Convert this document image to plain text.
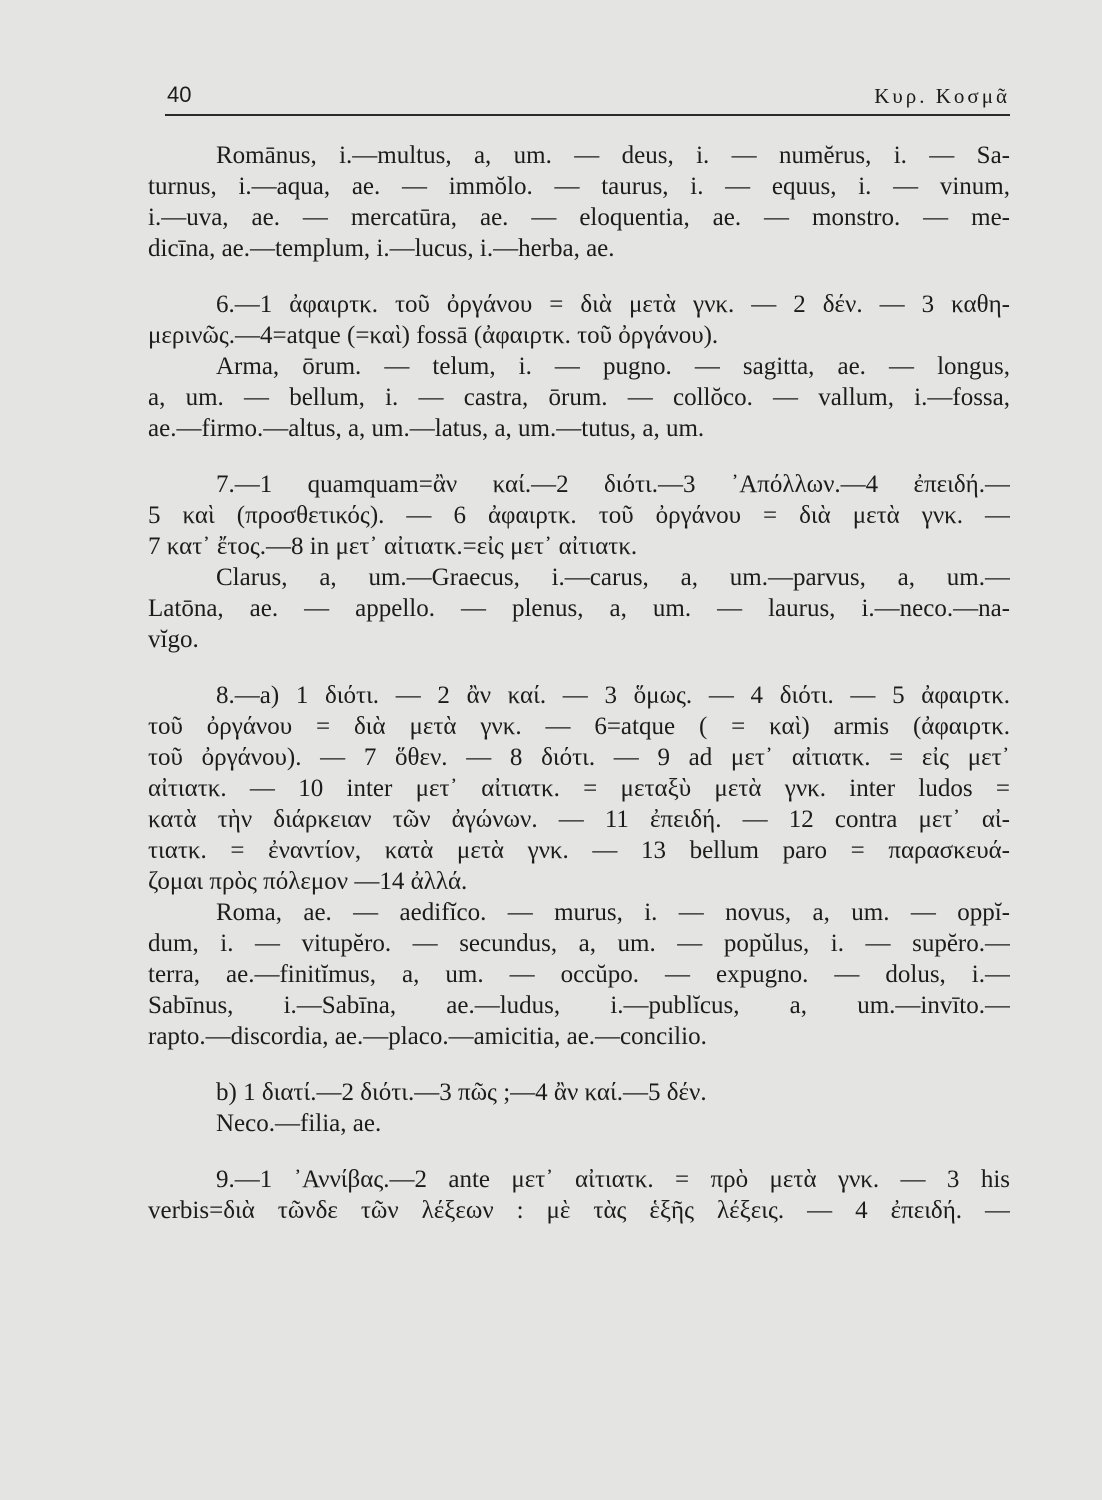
40	Κυρ. Κοσμᾶ
Romānus, i.—multus, a, um. — deus, i. — numĕrus, i. — Sa-
turnus, i.—aqua, ae. — immŏlo. — taurus, i. — equus, i. — vinum,
i.—uva, ae. — mercatūra, ae. — eloquentia, ae. — monstro. — me-
dicīna, ae.—templum, i.—lucus, i.—herba, ae.
6.—1 ἀφαιρτκ. τοῦ ὀργάνου = διὰ μετὰ γνκ. — 2 δέν. — 3 καθη-
μερινῶς.—4=atque (=καὶ) fossā (ἀφαιρτκ. τοῦ ὀργάνου).
Arma, ōrum. — telum, i. — pugno. — sagitta, ae. — longus,
a, um. — bellum, i. — castra, ōrum. — collŏco. — vallum, i.—fossa,
ae.—firmo.—altus, a, um.—latus, a, um.—tutus, a, um.
7.—1 quamquam=ἂν καί.—2 διότι.—3 ᾿Απόλλων.—4 ἐπειδή.—
5 καὶ (προσθετικός). — 6 ἀφαιρτκ. τοῦ ὀργάνου = διὰ μετὰ γνκ. —
7 κατ᾿ ἔτος.—8 in μετ᾿ αἰτιατκ.=εἰς μετ᾿ αἰτιατκ.
Clarus, a, um.—Graecus, i.—carus, a, um.—parvus, a, um.—
Latōna, ae. — appello. — plenus, a, um. — laurus, i.—neco.—na-
vĭgo.
8.—a) 1 διότι. — 2 ἂν καί. — 3 ὅμως. — 4 διότι. — 5 ἀφαιρτκ.
τοῦ ὀργάνου = διὰ μετὰ γνκ. — 6=atque ( = καὶ) armis (ἀφαιρτκ.
τοῦ ὀργάνου). — 7 ὅθεν. — 8 διότι. — 9 ad μετ᾿ αἰτιατκ. = εἰς μετ᾿
αἰτιατκ. — 10 inter μετ᾿ αἰτιατκ. = μεταξὺ μετὰ γνκ. inter ludos =
κατὰ τὴν διάρκειαν τῶν ἀγώνων. — 11 ἐπειδή. — 12 contra μετ᾿ αἰ-
τιατκ. = ἐναντίον, κατὰ μετὰ γνκ. — 13 bellum paro = παρασκευά-
ζομαι πρὸς πόλεμον —14 ἀλλά.
Roma, ae. — aedifĭco. — murus, i. — novus, a, um. — oppĭ-
dum, i. — vitupĕro. — secundus, a, um. — popŭlus, i. — supĕro.—
terra, ae.—finitĭmus, a, um. — occŭpo. — expugno. — dolus, i.—
Sabīnus, i.—Sabīna, ae.—ludus, i.—publĭcus, a, um.—invīto.—
rapto.—discordia, ae.—placo.—amicitia, ae.—concilio.
b) 1 διατί.—2 διότι.—3 πῶς ;—4 ἂν καί.—5 δέν.
Neco.—filia, ae.
9.—1 ᾿Αννίβας.—2 ante μετ᾿ αἰτιατκ. = πρὸ μετὰ γνκ. — 3 his
verbis=διὰ τῶνδε τῶν λέξεων : μὲ τὰς ἑξῆς λέξεις. — 4 ἐπειδή. —
